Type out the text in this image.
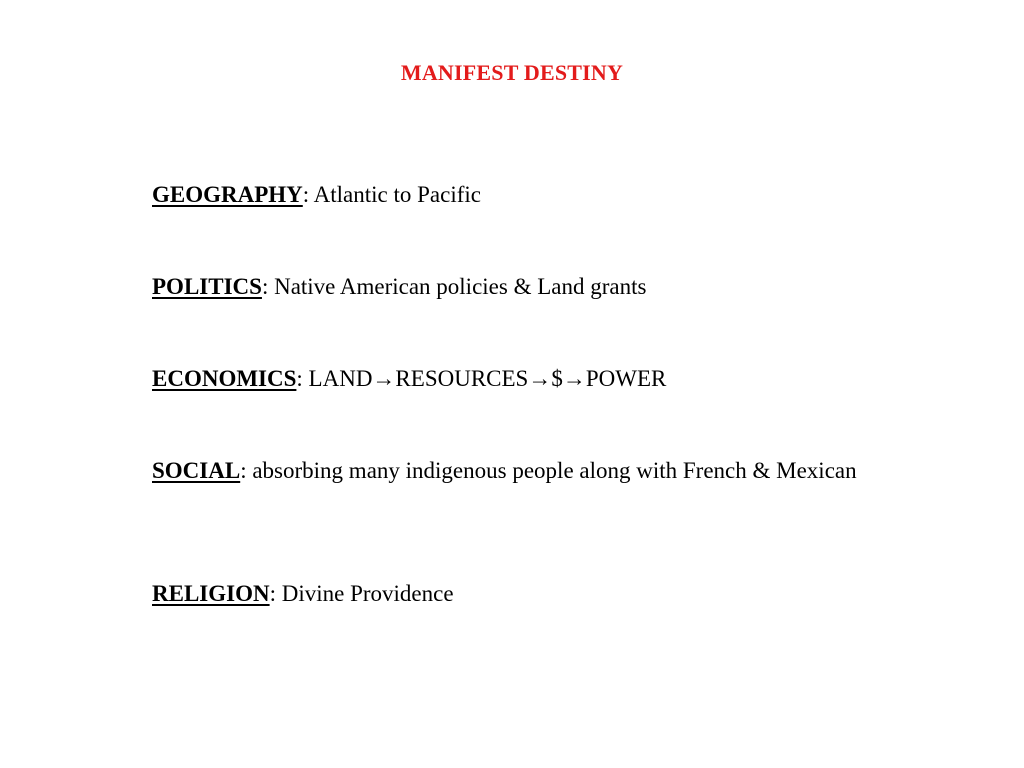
MANIFEST DESTINY
GEOGRAPHY: Atlantic to Pacific
POLITICS: Native American policies & Land grants
ECONOMICS: LAND→RESOURCES→$→POWER
SOCIAL: absorbing many indigenous people along with French & Mexican
RELIGION: Divine Providence
